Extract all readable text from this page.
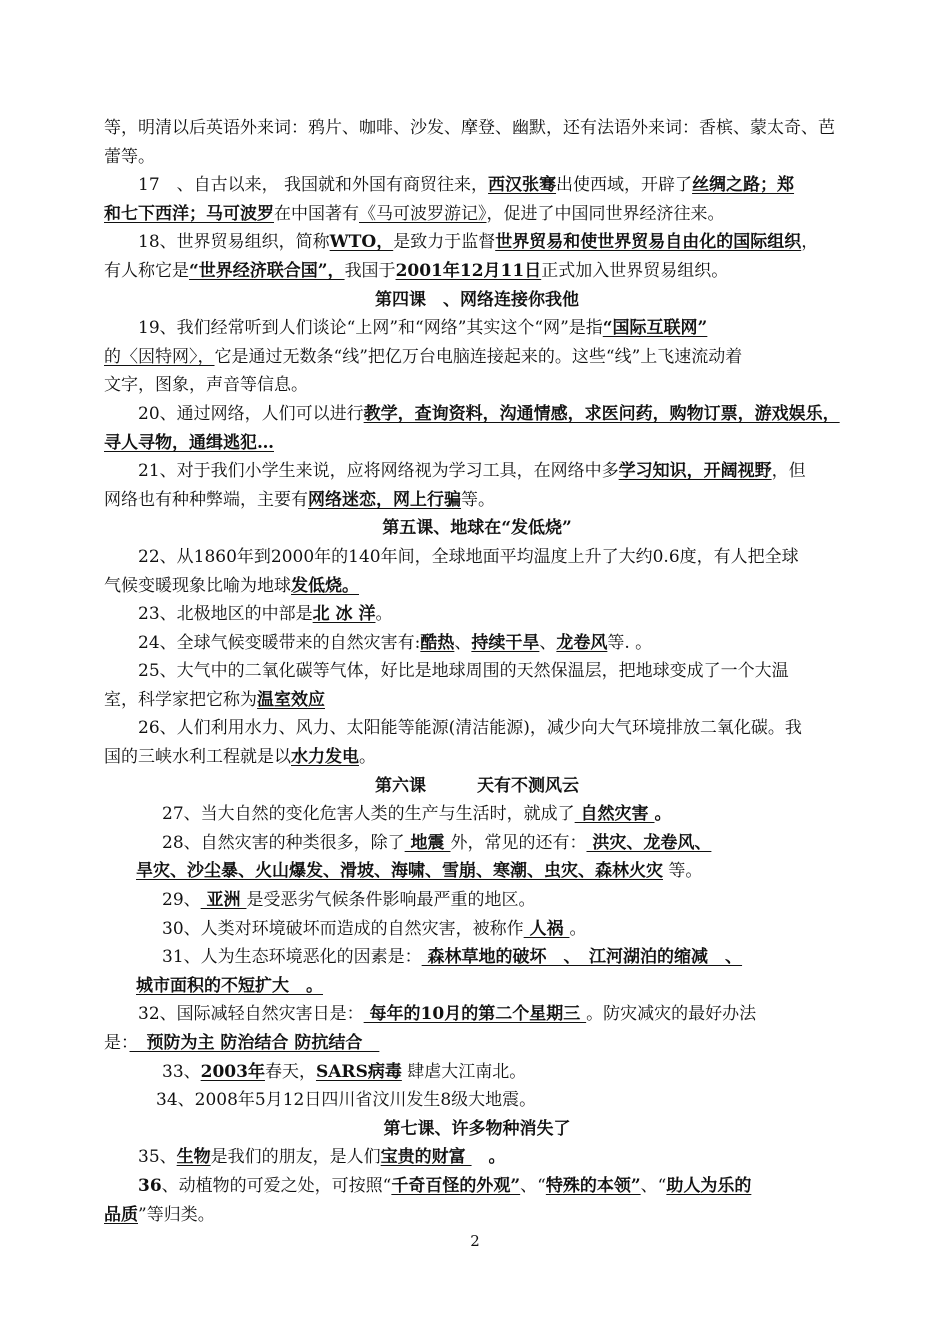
等，明清以后英语外来词：鸦片、咖啡、沙发、摩登、幽默，还有法语外来词：香槟、蒙太奇、芭
蕾等。
17　、自古以来， 我国就和外国有商贸往来，西汉张骞出使西域，开辟了丝绸之路；郑
和七下西洋；马可波罗在中国著有《马可波罗游记》，促进了中国同世界经济往来。
18、世界贸易组织，简称WTO，是致力于监督世界贸易和使世界贸易自由化的国际组织，
有人称它是“世界经济联合国”，我国于2001年12月11日正式加入世界贸易组织。
第四课　、网络连接你我他
19、我们经常听到人们谈论“上网”和“网络”其实这个“网”是指“国际互联网”
的〈因特网〉，它是通过无数条“线”把亿万台电脑连接起来的。这些“线”上飞速流动着
文字，图象，声音等信息。
20、通过网络，人们可以进行教学，查询资料，沟通情感，求医问药，购物订票，游戏娱乐，
寻人寻物，通缉逃犯…
21、对于我们小学生来说，应将网络视为学习工具，在网络中多学习知识，开阔视野，但
网络也有种种弊端，主要有网络迷恋，网上行骗等。
第五课、地球在“发低烧”
22、从1860年到2000年的140年间，全球地面平均温度上升了大约0.6度，有人把全球
气候变暖现象比喻为地球发低烧。
23、北极地区的中部是北 冰 洋。
24、全球气候变暖带来的自然灾害有:酷热、持续干旱、龙卷风等. 。
25、大气中的二氧化碳等气体，好比是地球周围的天然保温层，把地球变成了一个大温
室，科学家把它称为温室效应
26、人们利用水力、风力、太阳能等能源(清洁能源)，减少向大气环境排放二氧化碳。我
国的三峡水利工程就是以水力发电。
第六课　　　天有不测风云
27、当大自然的变化危害人类的生产与生活时，就成了 自然灾害 。
28、自然灾害的种类很多，除了 地震 外，常见的还有： 洪灾、龙卷风、
旱灾、沙尘暴、火山爆发、滑坡、海啸、雪崩、寒潮、虫灾、森林火灾 等。
29、 亚洲 是受恶劣气候条件影响最严重的地区。
30、人类对环境破坏而造成的自然灾害，被称作 人祸 。
31、人为生态环境恶化的因素是： 森林草地的破坏　、　江河湖泊的缩减　、
城市面积的不短扩大　。
32、国际减轻自然灾害日是： 每年的10月的第二个星期三 。防灾减灾的最好办法
是：　预防为主 防治结合 防抗结合　
33、2003年春天，SARS病毒 肆虐大江南北。
34、2008年5月12日四川省汶川发生8级大地震。
第七课、许多物种消失了
35、生物是我们的朋友，是人们宝贵的财富 　。
36、动植物的可爱之处，可按照“千奇百怪的外观”、“特殊的本领”、“助人为乐的
品质”等归类。
2
